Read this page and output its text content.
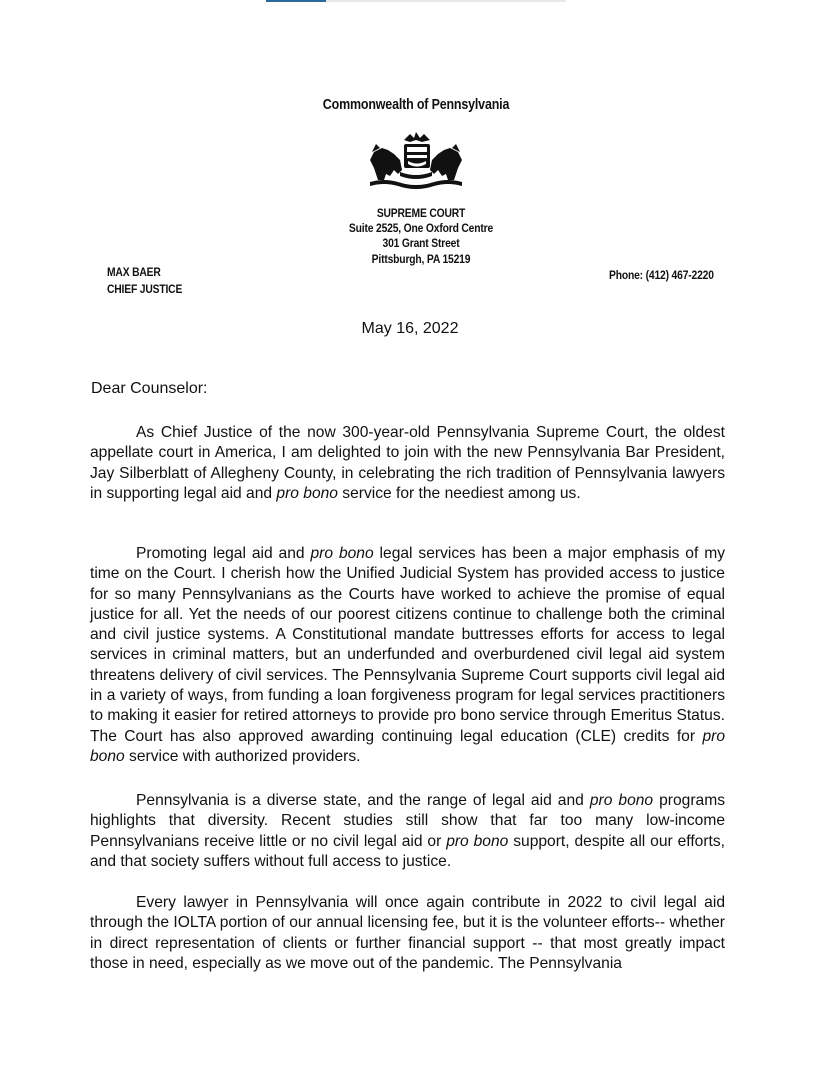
Commonwealth of Pennsylvania
SUPREME COURT
Suite 2525, One Oxford Centre
301 Grant Street
Pittsburgh, PA 15219
MAX BAER
CHIEF JUSTICE
Phone: (412) 467-2220
May 16, 2022
Dear Counselor:

As Chief Justice of the now 300-year-old Pennsylvania Supreme Court, the oldest appellate court in America, I am delighted to join with the new Pennsylvania Bar President, Jay Silberblatt of Allegheny County, in celebrating the rich tradition of Pennsylvania lawyers in supporting legal aid and pro bono service for the neediest among us.

Promoting legal aid and pro bono legal services has been a major emphasis of my time on the Court. I cherish how the Unified Judicial System has provided access to justice for so many Pennsylvanians as the Courts have worked to achieve the promise of equal justice for all. Yet the needs of our poorest citizens continue to challenge both the criminal and civil justice systems. A Constitutional mandate buttresses efforts for access to legal services in criminal matters, but an underfunded and overburdened civil legal aid system threatens delivery of civil services. The Pennsylvania Supreme Court supports civil legal aid in a variety of ways, from funding a loan forgiveness program for legal services practitioners to making it easier for retired attorneys to provide pro bono service through Emeritus Status. The Court has also approved awarding continuing legal education (CLE) credits for pro bono service with authorized providers.

Pennsylvania is a diverse state, and the range of legal aid and pro bono programs highlights that diversity. Recent studies still show that far too many low-income Pennsylvanians receive little or no civil legal aid or pro bono support, despite all our efforts, and that society suffers without full access to justice.

Every lawyer in Pennsylvania will once again contribute in 2022 to civil legal aid through the IOLTA portion of our annual licensing fee, but it is the volunteer efforts-- whether in direct representation of clients or further financial support -- that most greatly impact those in need, especially as we move out of the pandemic. The Pennsylvania
